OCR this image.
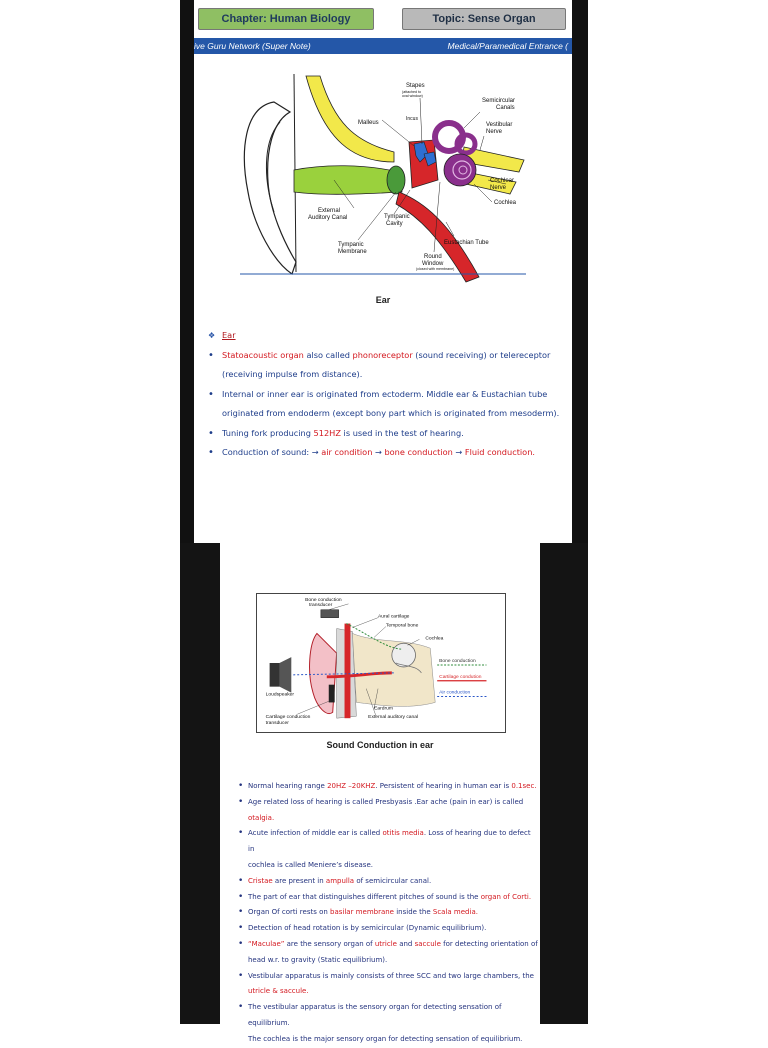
Chapter: Human Biology	Topic: Sense Organ
ive Guru Network (Super Note)	Medical/Paramedical Entrance (
Stapes
(attached to
oval window)
Semicircular
Canals
Malleus
Incus
Vestibular
Nerve
Cochlear
Nerve
Cochlea
External
Auditory Canal	Tympanic
Cavity
Eustachian Tube
Tympanic
Membrane
Round
Window
(closed with membrane)
Ear
❖ Ear
• Statoacoustic organ also called phonoreceptor (sound receiving) or telereceptor (receiving impulse from distance).
• Internal or inner ear is originated from ectoderm. Middle ear & Eustachian tube originated from endoderm (except bony part which is originated from mesoderm).
• Tuning fork producing 512HZ is used in the test of hearing.
• Conduction of sound: → air condition → bone conduction → Fluid conduction.
Bone conduction
transducer
Aural cartilage
Temporal bone
Cochlea
Loudspeaker
Bone conduction
Cartilage condution
Air conduction
Eardrum
External auditory canal
Cartilage conduction
transducer
Sound Conduction in ear
• Normal hearing range 20HZ –20KHZ. Persistent of hearing in human ear is 0.1sec.
• Age related loss of hearing is called Presbyasis .Ear ache (pain in ear) is called
otalgia.
• Acute infection of middle ear is called otitis media. Loss of hearing due to defect in
cochlea is called Meniere’s disease.
• Cristae are present in ampulla of semicircular canal.
• The part of ear that distinguishes different pitches of sound is the organ of Corti.
• Organ Of corti rests on basilar membrane inside the Scala media.
• Detection of head rotation is by semicircular (Dynamic equilibrium).
• “Maculae” are the sensory organ of utricle and saccule for detecting orientation of
head w.r. to gravity (Static equilibrium).
• Vestibular apparatus is mainly consists of three SCC and two large chambers, the
utricle & saccule.
• The vestibular apparatus is the sensory organ for detecting sensation of equilibrium.
The cochlea is the major sensory organ for detecting sensation of equilibrium.
